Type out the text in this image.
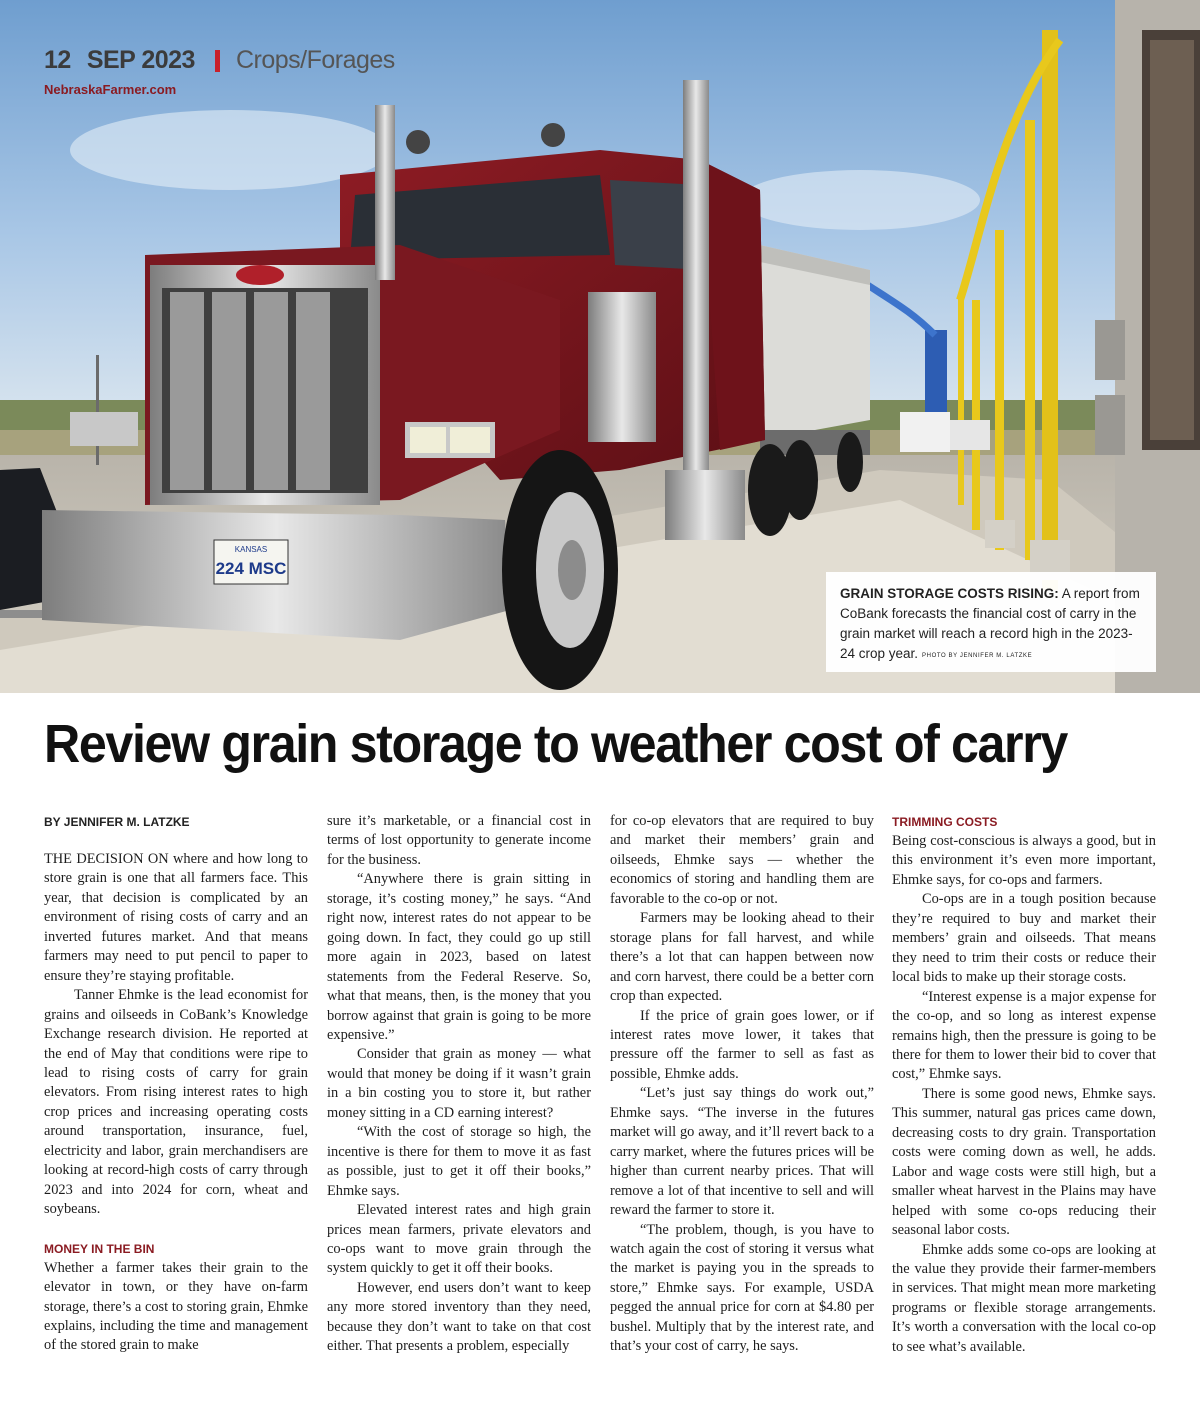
KANSAS
224 MSC
12 SEP 2023 Crops/Forages
NebraskaFarmer.com
GRAIN STORAGE COSTS RISING: A report from CoBank forecasts the financial cost of carry in the grain market will reach a record high in the 2023-24 crop year. PHOTO BY JENNIFER M. LATZKE
Review grain storage to weather cost of carry
BY JENNIFER M. LATZKE

THE DECISION ON where and how long to store grain is one that all farmers face. This year, that decision is complicated by an environment of rising costs of carry and an inverted futures market. And that means farmers may need to put pencil to paper to ensure they’re staying profitable.

Tanner Ehmke is the lead economist for grains and oilseeds in CoBank’s Knowledge Exchange research division. He reported at the end of May that conditions were ripe to lead to rising costs of carry for grain elevators. From rising interest rates to high crop prices and increasing operating costs around transportation, insurance, fuel, electricity and labor, grain merchandisers are looking at record-high costs of carry through 2023 and into 2024 for corn, wheat and soybeans.

MONEY IN THE BIN

Whether a farmer takes their grain to the elevator in town, or they have on-farm storage, there’s a cost to storing grain, Ehmke explains, including the time and management of the stored grain to make

sure it’s marketable, or a financial cost in terms of lost opportunity to generate income for the business.

“Anywhere there is grain sitting in storage, it’s costing money,” he says. “And right now, interest rates do not appear to be going down. In fact, they could go up still more again in 2023, based on latest statements from the Federal Reserve. So, what that means, then, is the money that you borrow against that grain is going to be more expensive.”

Consider that grain as money — what would that money be doing if it wasn’t grain in a bin costing you to store it, but rather money sitting in a CD earning interest?

“With the cost of storage so high, the incentive is there for them to move it as fast as possible, just to get it off their books,” Ehmke says.

Elevated interest rates and high grain prices mean farmers, private elevators and co-ops want to move grain through the system quickly to get it off their books.

However, end users don’t want to keep any more stored inventory than they need, because they don’t want to take on that cost either. That presents a problem, especially

for co-op elevators that are required to buy and market their members’ grain and oilseeds, Ehmke says — whether the economics of storing and handling them are favorable to the co-op or not.

Farmers may be looking ahead to their storage plans for fall harvest, and while there’s a lot that can happen between now and corn harvest, there could be a better corn crop than expected.

If the price of grain goes lower, or if interest rates move lower, it takes that pressure off the farmer to sell as fast as possible, Ehmke adds.

“Let’s just say things do work out,” Ehmke says. “The inverse in the futures market will go away, and it’ll revert back to a carry market, where the futures prices will be higher than current nearby prices. That will remove a lot of that incentive to sell and will reward the farmer to store it.

“The problem, though, is you have to watch again the cost of storing it versus what the market is paying you in the spreads to store,” Ehmke says. For example, USDA pegged the annual price for corn at $4.80 per bushel. Multiply that by the interest rate, and that’s your cost of carry, he says.

TRIMMING COSTS

Being cost-conscious is always a good, but in this environment it’s even more important, Ehmke says, for co-ops and farmers.

Co-ops are in a tough position because they’re required to buy and market their members’ grain and oilseeds. That means they need to trim their costs or reduce their local bids to make up their storage costs.

“Interest expense is a major expense for the co-op, and so long as interest expense remains high, then the pressure is going to be there for them to lower their bid to cover that cost,” Ehmke says.

There is some good news, Ehmke says. This summer, natural gas prices came down, decreasing costs to dry grain. Transportation costs were coming down as well, he adds. Labor and wage costs were still high, but a smaller wheat harvest in the Plains may have helped with some co-ops reducing their seasonal labor costs.

Ehmke adds some co-ops are looking at the value they provide their farmer-members in services. That might mean more marketing programs or flexible storage arrangements. It’s worth a conversation with the local co-op to see what’s available.
